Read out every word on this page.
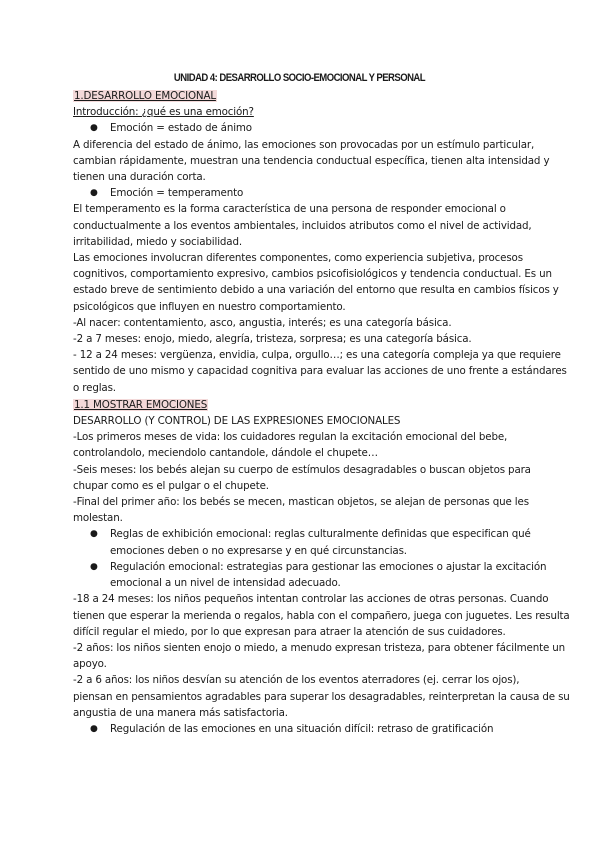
UNIDAD 4: DESARROLLO SOCIO-EMOCIONAL Y PERSONAL
1.DESARROLLO EMOCIONAL
Introducción: ¿qué es una emoción?
● Emoción = estado de ánimo
A diferencia del estado de ánimo, las emociones son provocadas por un estímulo particular,
cambian rápidamente, muestran una tendencia conductual específica, tienen alta intensidad y
tienen una duración corta.
● Emoción = temperamento
El temperamento es la forma característica de una persona de responder emocional o
conductualmente a los eventos ambientales, incluidos atributos como el nivel de actividad,
irritabilidad, miedo y sociabilidad.
Las emociones involucran diferentes componentes, como experiencia subjetiva, procesos
cognitivos, comportamiento expresivo, cambios psicofisiológicos y tendencia conductual. Es un
estado breve de sentimiento debido a una variación del entorno que resulta en cambios físicos y
psicológicos que influyen en nuestro comportamiento.
-Al nacer: contentamiento, asco, angustia, interés; es una categoría básica.
-2 a 7 meses: enojo, miedo, alegría, tristeza, sorpresa; es una categoría básica.
- 12 a 24 meses: vergüenza, envidia, culpa, orgullo…; es una categoría compleja ya que requiere
sentido de uno mismo y capacidad cognitiva para evaluar las acciones de uno frente a estándares
o reglas.
1.1 MOSTRAR EMOCIONES
DESARROLLO (Y CONTROL) DE LAS EXPRESIONES EMOCIONALES
-Los primeros meses de vida: los cuidadores regulan la excitación emocional del bebe,
controlandolo, meciendolo cantandole, dándole el chupete…
-Seis meses: los bebés alejan su cuerpo de estímulos desagradables o buscan objetos para
chupar como es el pulgar o el chupete.
-Final del primer año: los bebés se mecen, mastican objetos, se alejan de personas que les
molestan.
● Reglas de exhibición emocional: reglas culturalmente definidas que especifican qué
emociones deben o no expresarse y en qué circunstancias.
● Regulación emocional: estrategias para gestionar las emociones o ajustar la excitación
emocional a un nivel de intensidad adecuado.
-18 a 24 meses: los niños pequeños intentan controlar las acciones de otras personas. Cuando
tienen que esperar la merienda o regalos, habla con el compañero, juega con juguetes. Les resulta
difícil regular el miedo, por lo que expresan para atraer la atención de sus cuidadores.
-2 años: los niños sienten enojo o miedo, a menudo expresan tristeza, para obtener fácilmente un
apoyo.
-2 a 6 años: los niños desvían su atención de los eventos aterradores (ej. cerrar los ojos),
piensan en pensamientos agradables para superar los desagradables, reinterpretan la causa de su
angustia de una manera más satisfactoria.
● Regulación de las emociones en una situación difícil: retraso de gratificación
